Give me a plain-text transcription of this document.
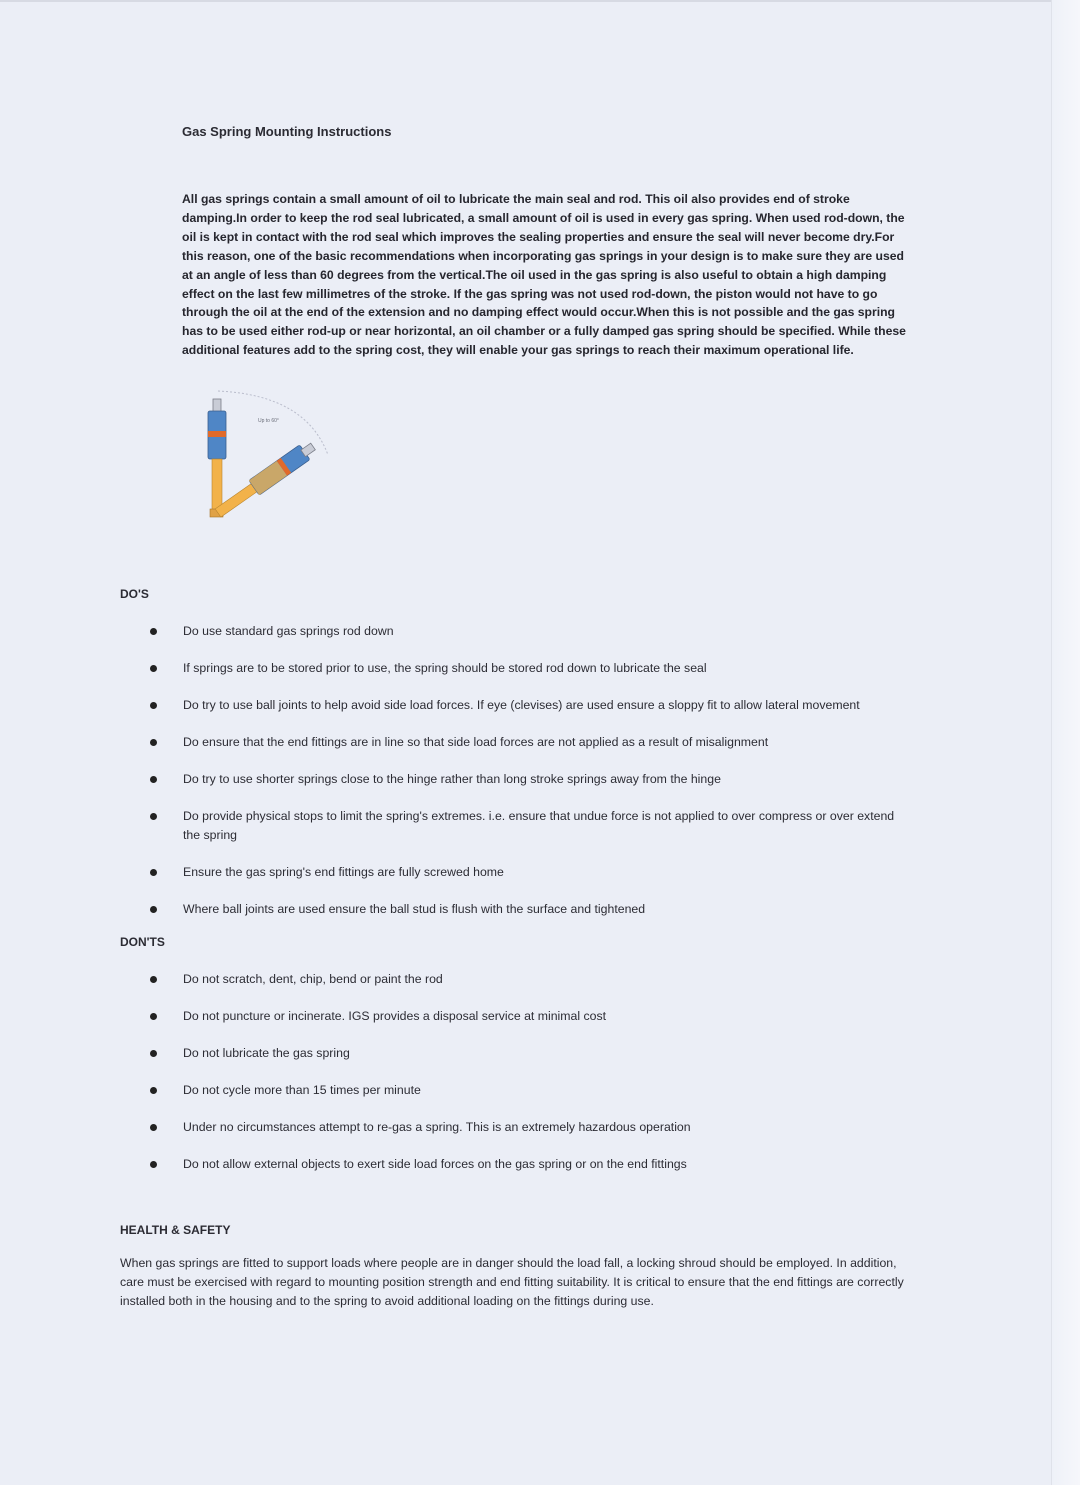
Gas Spring Mounting Instructions
All gas springs contain a small amount of oil to lubricate the main seal and rod. This oil also provides end of stroke damping.In order to keep the rod seal lubricated, a small amount of oil is used in every gas spring. When used rod-down, the oil is kept in contact with the rod seal which improves the sealing properties and ensure the seal will never become dry.For this reason, one of the basic recommendations when incorporating gas springs in your design is to make sure they are used at an angle of less than 60 degrees from the vertical.The oil used in the gas spring is also useful to obtain a high damping effect on the last few millimetres of the stroke. If the gas spring was not used rod-down, the piston would not have to go through the oil at the end of the extension and no damping effect would occur.When this is not possible and the gas spring has to be used either rod-up or near horizontal, an oil chamber or a fully damped gas spring should be specified. While these additional features add to the spring cost, they will enable your gas springs to reach their maximum operational life.
Up to 60°
DO'S
Do use standard gas springs rod down
If springs are to be stored prior to use, the spring should be stored rod down to lubricate the seal
Do try to use ball joints to help avoid side load forces. If eye (clevises) are used ensure a sloppy fit to allow lateral movement
Do ensure that the end fittings are in line so that side load forces are not applied as a result of misalignment
Do try to use shorter springs close to the hinge rather than long stroke springs away from the hinge
Do provide physical stops to limit the spring's extremes. i.e. ensure that undue force is not applied to over compress or over extend the spring
Ensure the gas spring's end fittings are fully screwed home
Where ball joints are used ensure the ball stud is flush with the surface and tightened
DON'TS
Do not scratch, dent, chip, bend or paint the rod
Do not puncture or incinerate. IGS provides a disposal service at minimal cost
Do not lubricate the gas spring
Do not cycle more than 15 times per minute
Under no circumstances attempt to re-gas a spring. This is an extremely hazardous operation
Do not allow external objects to exert side load forces on the gas spring or on the end fittings
HEALTH & SAFETY
When gas springs are fitted to support loads where people are in danger should the load fall, a locking shroud should be employed. In addition, care must be exercised with regard to mounting position strength and end fitting suitability. It is critical to ensure that the end fittings are correctly installed both in the housing and to the spring to avoid additional loading on the fittings during use.
